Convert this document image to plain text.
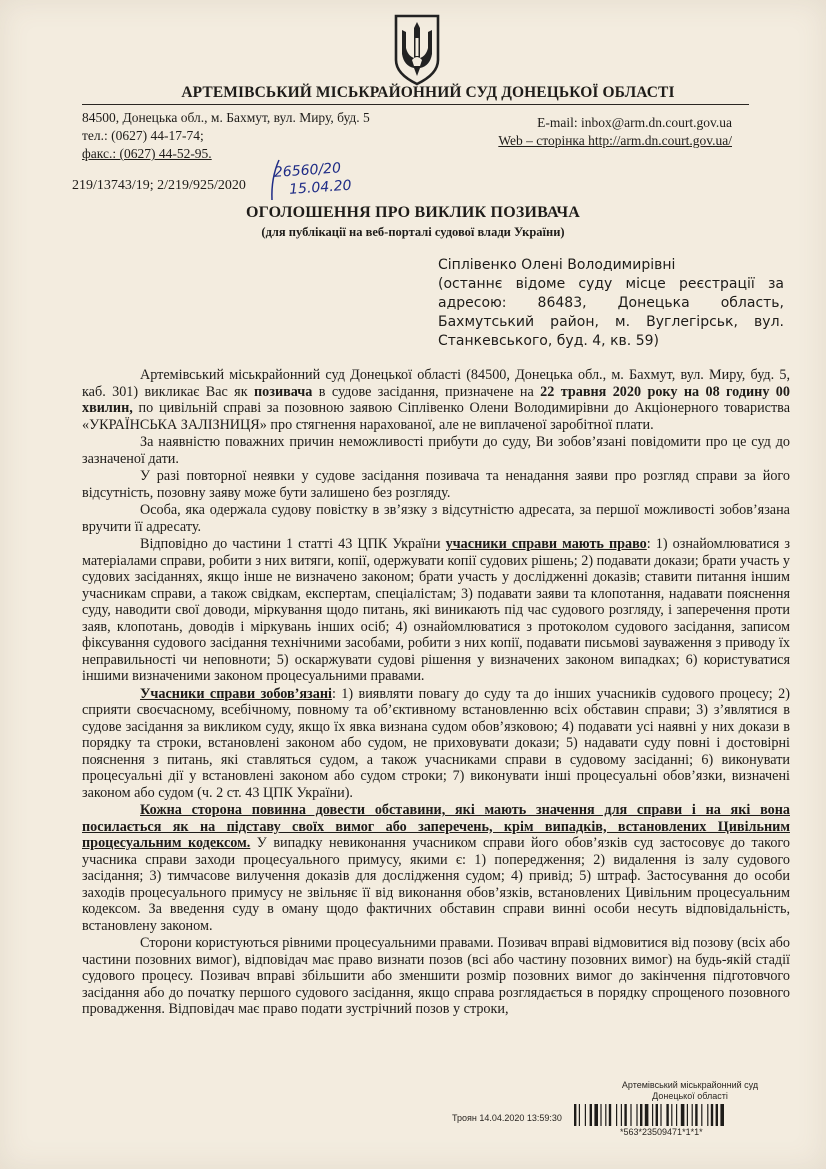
АРТЕМІВСЬКИЙ МІСЬКРАЙОННИЙ СУД ДОНЕЦЬКОЇ ОБЛАСТІ
84500, Донецька обл., м. Бахмут, вул. Миру, буд. 5
тел.: (0627) 44-17-74;
факс.: (0627) 44-52-95.
E-mail: inbox@arm.dn.court.gov.ua
Web – сторінка http://arm.dn.court.gov.ua/
219/13743/19; 2/219/925/2020
26560/20
15.04.20
ОГОЛОШЕННЯ ПРО ВИКЛИК ПОЗИВАЧА
(для публікації на веб-порталі судової влади України)
Сіплівенко Олені Володимирівні
(останнє відоме суду місце реєстрації за адресою: 86483, Донецька область, Бахмутський район, м. Вуглегірськ, вул. Станкевського, буд. 4, кв. 59)

Артемівський міськрайонний суд Донецької області (84500, Донецька обл., м. Бахмут, вул. Миру, буд. 5, каб. 301) викликає Вас як позивача в судове засідання, призначене на 22 травня 2020 року на 08 годину 00 хвилин, по цивільній справі за позовною заявою Сіплівенко Олени Володимирівни до Акціонерного товариства «УКРАЇНСЬКА ЗАЛІЗНИЦЯ» про стягнення нарахованої, але не виплаченої заробітної плати.

За наявністю поважних причин неможливості прибути до суду, Ви зобов’язані повідомити про це суд до зазначеної дати.

У разі повторної неявки у судове засідання позивача та ненадання заяви про розгляд справи за його відсутність, позовну заяву може бути залишено без розгляду.

Особа, яка одержала судову повістку в зв’язку з відсутністю адресата, за першої можливості зобов’язана вручити її адресату.

Відповідно до частини 1 статті 43 ЦПК України учасники справи мають право: 1) ознайомлюватися з матеріалами справи, робити з них витяги, копії, одержувати копії судових рішень; 2) подавати докази; брати участь у судових засіданнях, якщо інше не визначено законом; брати участь у дослідженні доказів; ставити питання іншим учасникам справи, а також свідкам, експертам, спеціалістам; 3) подавати заяви та клопотання, надавати пояснення суду, наводити свої доводи, міркування щодо питань, які виникають під час судового розгляду, і заперечення проти заяв, клопотань, доводів і міркувань інших осіб; 4) ознайомлюватися з протоколом судового засідання, записом фіксування судового засідання технічними засобами, робити з них копії, подавати письмові зауваження з приводу їх неправильності чи неповноти; 5) оскаржувати судові рішення у визначених законом випадках; 6) користуватися іншими визначеними законом процесуальними правами.

Учасники справи зобов’язані: 1) виявляти повагу до суду та до інших учасників судового процесу; 2) сприяти своєчасному, всебічному, повному та об’єктивному встановленню всіх обставин справи; 3) з’являтися в судове засідання за викликом суду, якщо їх явка визнана судом обов’язковою; 4) подавати усі наявні у них докази в порядку та строки, встановлені законом або судом, не приховувати докази; 5) надавати суду повні і достовірні пояснення з питань, які ставляться судом, а також учасниками справи в судовому засіданні; 6) виконувати процесуальні дії у встановлені законом або судом строки; 7) виконувати інші процесуальні обов’язки, визначені законом або судом (ч. 2 ст. 43 ЦПК України).

Кожна сторона повинна довести обставини, які мають значення для справи і на які вона посилається як на підставу своїх вимог або заперечень, крім випадків, встановлених Цивільним процесуальним кодексом. У випадку невиконання учасником справи його обов’язків суд застосовує до такого учасника справи заходи процесуального примусу, якими є: 1) попередження; 2) видалення із залу судового засідання; 3) тимчасове вилучення доказів для дослідження судом; 4) привід; 5) штраф. Застосування до особи заходів процесуального примусу не звільняє її від виконання обов’язків, встановлених Цивільним процесуальним кодексом. За введення суду в оману щодо фактичних обставин справи винні особи несуть відповідальність, встановлену законом.

Сторони користуються рівними процесуальними правами. Позивач вправі відмовитися від позову (всіх або частини позовних вимог), відповідач має право визнати позов (всі або частину позовних вимог) на будь-якій стадії судового процесу. Позивач вправі збільшити або зменшити розмір позовних вимог до закінчення підготовчого засідання або до початку першого судового засідання, якщо справа розглядається в порядку спрощеного позовного провадження. Відповідач має право подати зустрічний позов у строки,

Артемівський міськрайонний суд
Донецької області
Троян 14.04.2020 13:59:30
*563*23509471*1*1*
